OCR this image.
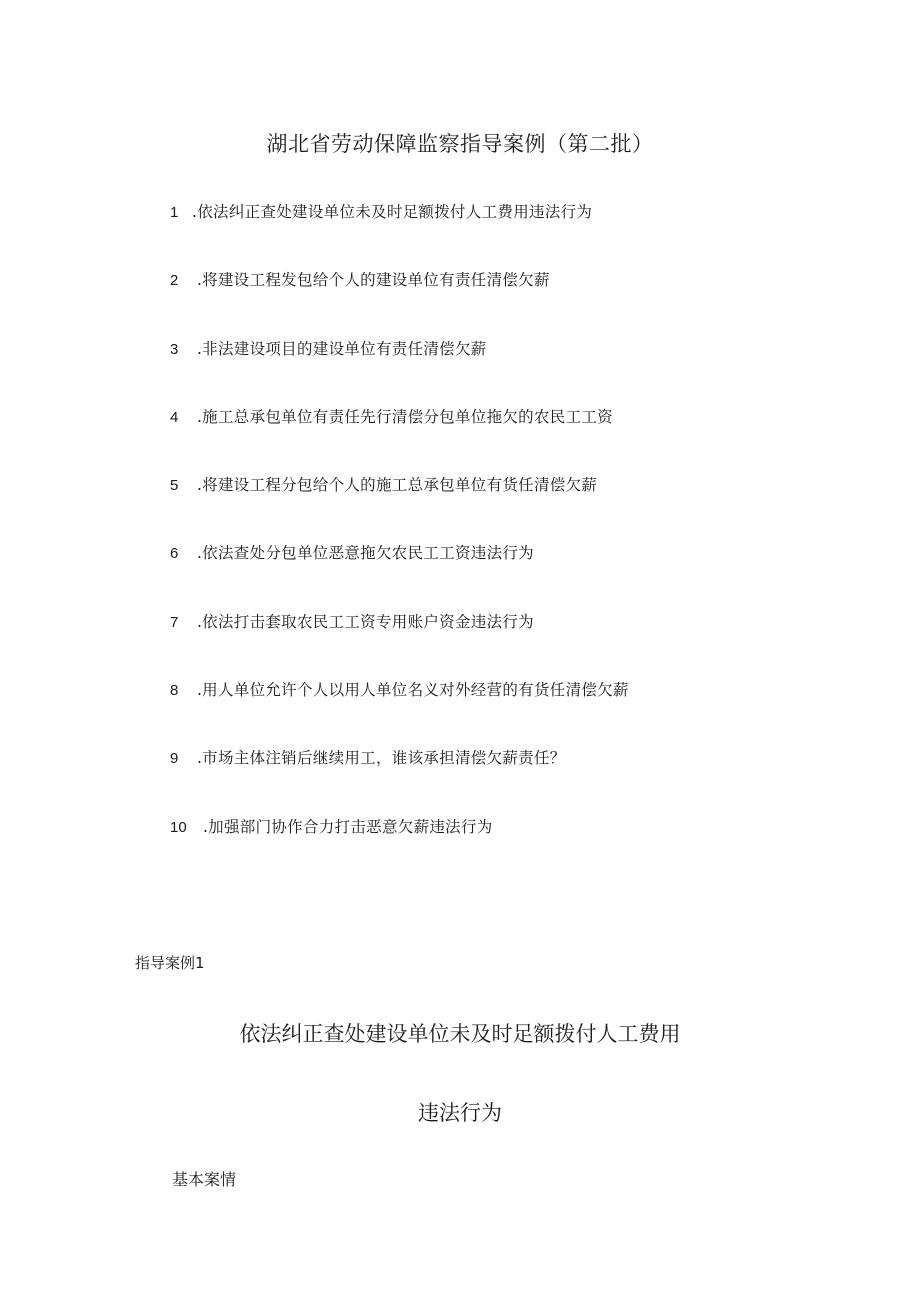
湖北省劳动保障监察指导案例（第二批）
1 .依法纠正查处建设单位未及时足额拨付人工费用违法行为
2 .将建设工程发包给个人的建设单位有责任清偿欠薪
3 .非法建设项目的建设单位有责任清偿欠薪
4 .施工总承包单位有责任先行清偿分包单位拖欠的农民工工资
5 .将建设工程分包给个人的施工总承包单位有货任清偿欠薪
6 .依法查处分包单位恶意拖欠农民工工资违法行为
7 .依法打击套取农民工工资专用账户资金违法行为
8 .用人单位允许个人以用人单位名义对外经营的有货任清偿欠薪
9 .市场主体注销后继续用工，谁该承担清偿欠薪责任？
10 .加强部门协作合力打击恶意欠薪违法行为

指导案例1

依法纠正查处建设单位未及时足额拨付人工费用
违法行为
基本案情
